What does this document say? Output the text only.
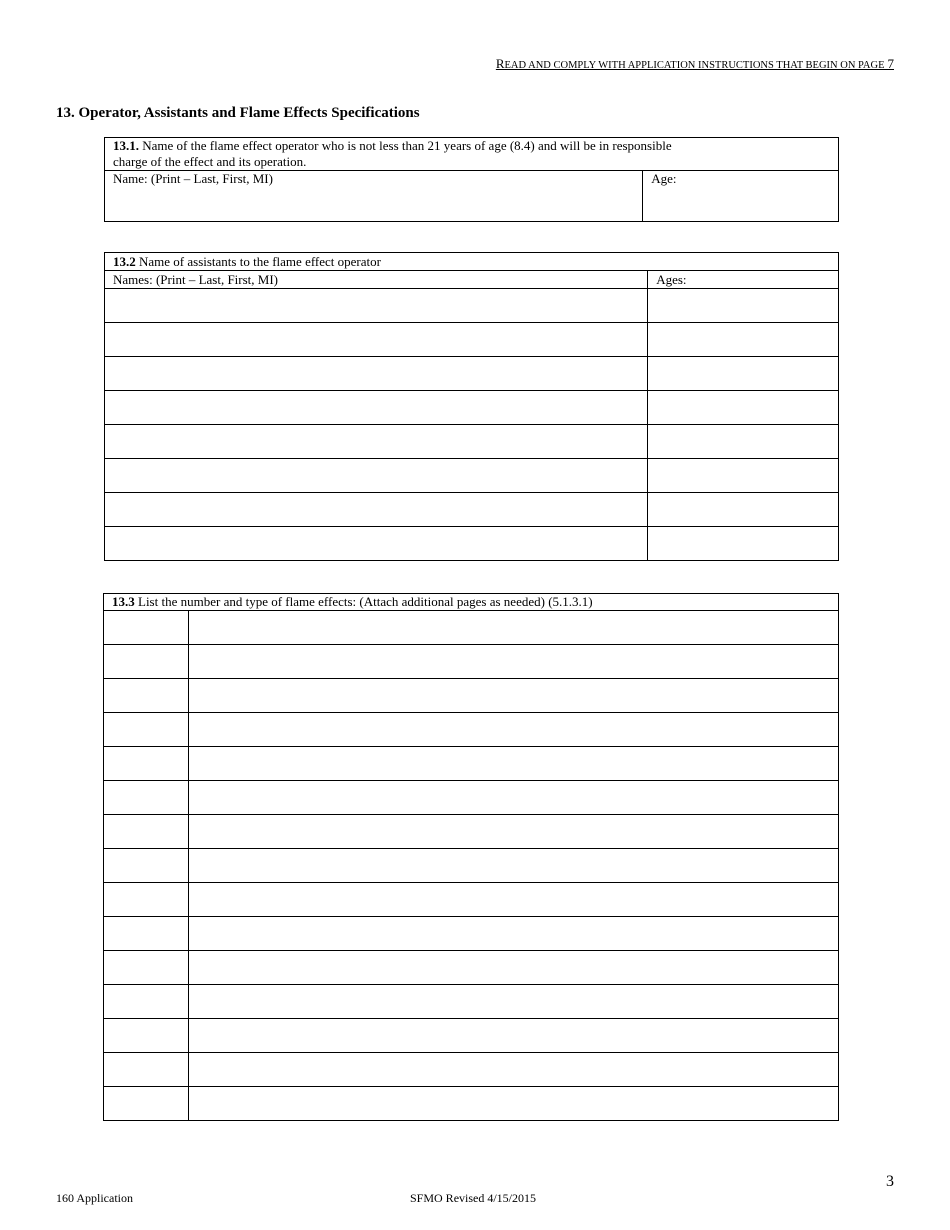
READ AND COMPLY WITH APPLICATION INSTRUCTIONS THAT BEGIN ON PAGE 7
13. Operator, Assistants and Flame Effects Specifications
13.1. Name of the flame effect operator who is not less than 21 years of age (8.4) and will be in responsible
charge of the effect and its operation.
Name: (Print – Last, First, MI)	Age:
13.2 Name of assistants to the flame effect operator	
Names: (Print – Last, First, MI)	Ages:

13.3 List the number and type of flame effects: (Attach additional pages as needed) (5.1.3.1)	

160 Application	SFMO Revised 4/15/2015
3
